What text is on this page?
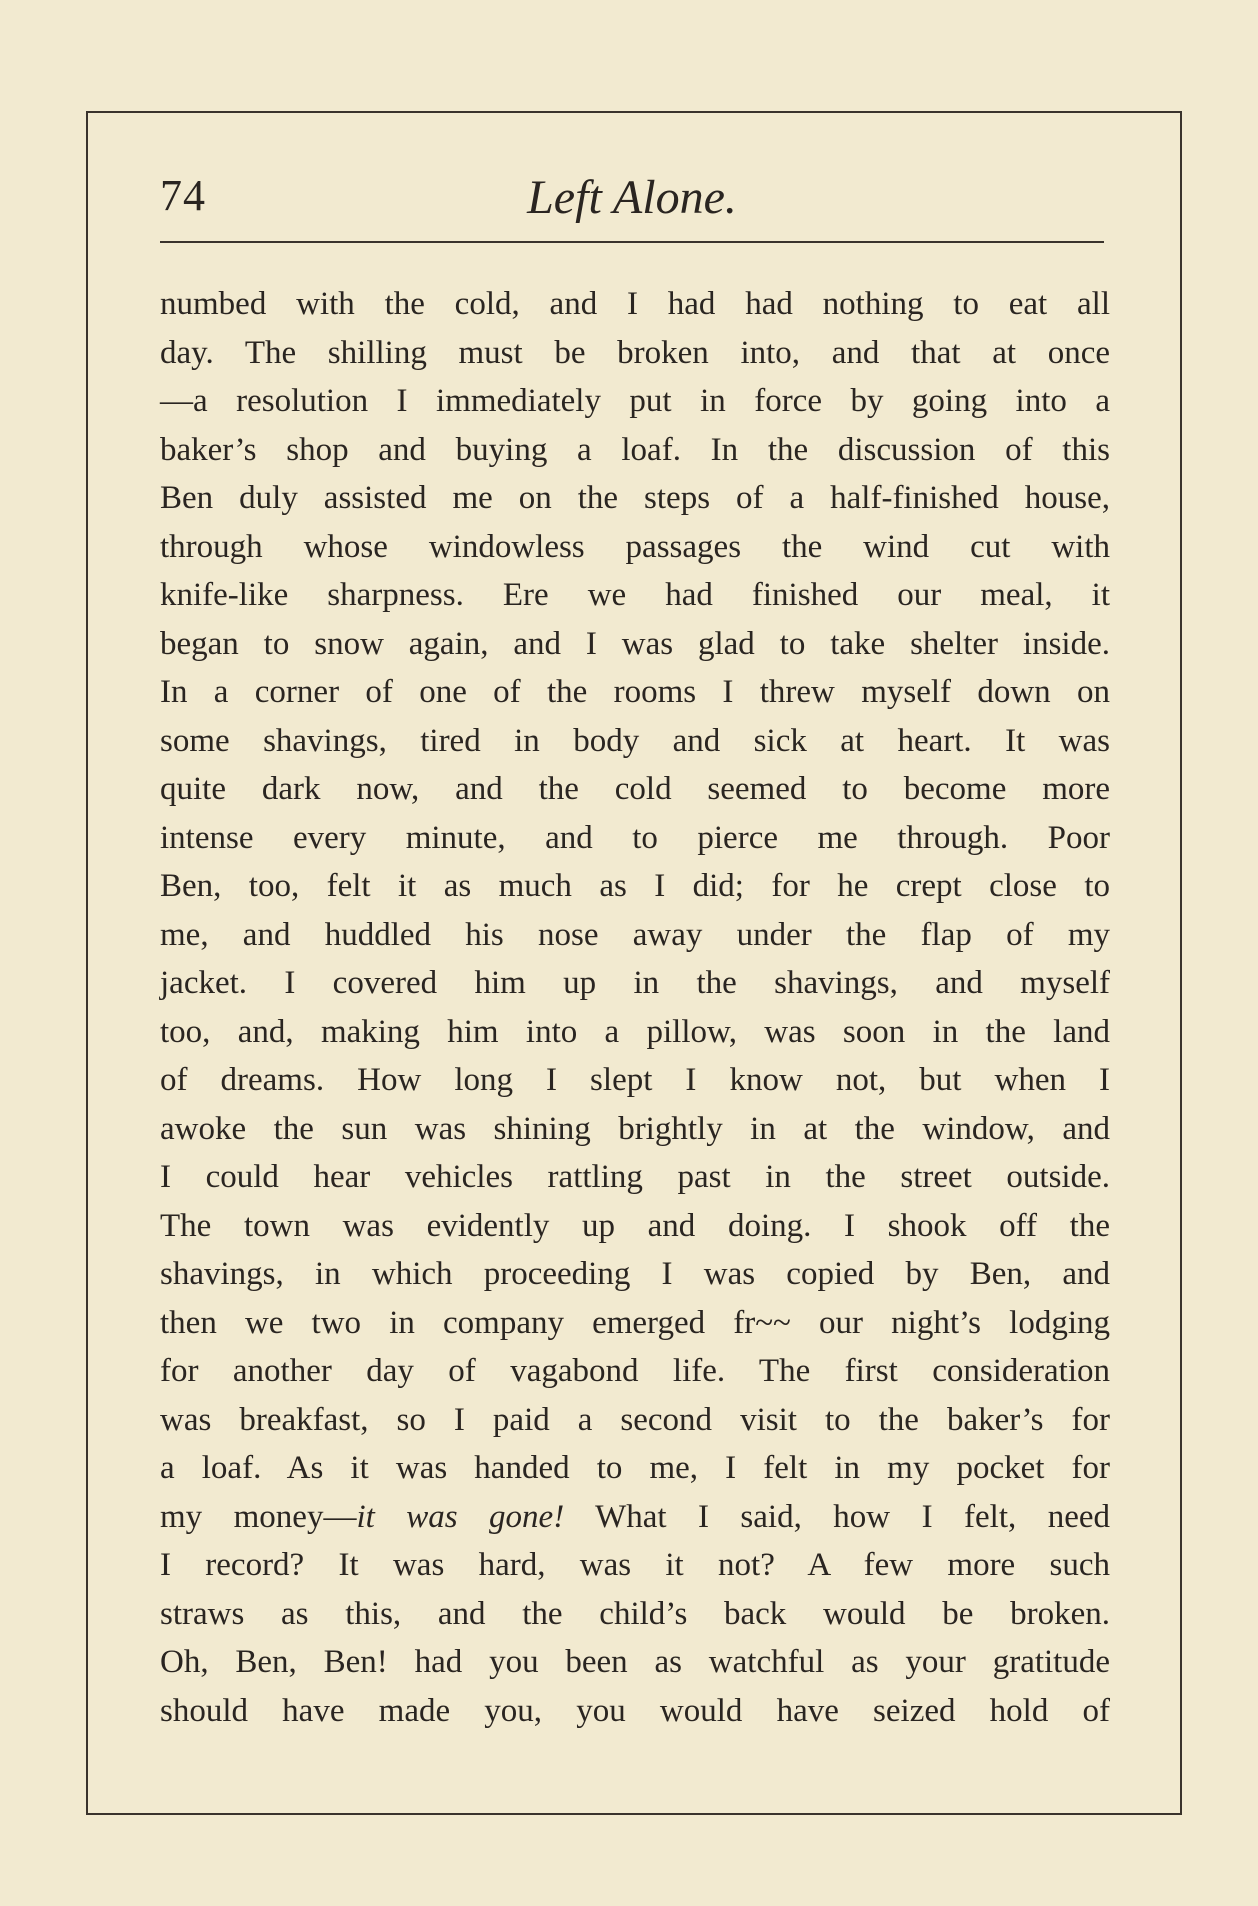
74	Left Alone.
numbed with the cold, and I had had nothing to eat all
day. The shilling must be broken into, and that at once
—a resolution I immediately put in force by going into a
baker’s shop and buying a loaf. In the discussion of this
Ben duly assisted me on the steps of a half-finished house,
through whose windowless passages the wind cut with
knife-like sharpness. Ere we had finished our meal, it
began to snow again, and I was glad to take shelter inside.
In a corner of one of the rooms I threw myself down on
some shavings, tired in body and sick at heart. It was
quite dark now, and the cold seemed to become more
intense every minute, and to pierce me through. Poor
Ben, too, felt it as much as I did; for he crept close to
me, and huddled his nose away under the flap of my
jacket. I covered him up in the shavings, and myself
too, and, making him into a pillow, was soon in the land
of dreams. How long I slept I know not, but when I
awoke the sun was shining brightly in at the window, and
I could hear vehicles rattling past in the street outside.
The town was evidently up and doing. I shook off the
shavings, in which proceeding I was copied by Ben, and
then we two in company emerged fr~~ our night’s lodging
for another day of vagabond life. The first consideration
was breakfast, so I paid a second visit to the baker’s for
a loaf. As it was handed to me, I felt in my pocket for
my money—it was gone! What I said, how I felt, need
I record? It was hard, was it not? A few more such
straws as this, and the child’s back would be broken.
Oh, Ben, Ben! had you been as watchful as your gratitude
should have made you, you would have seized hold of
